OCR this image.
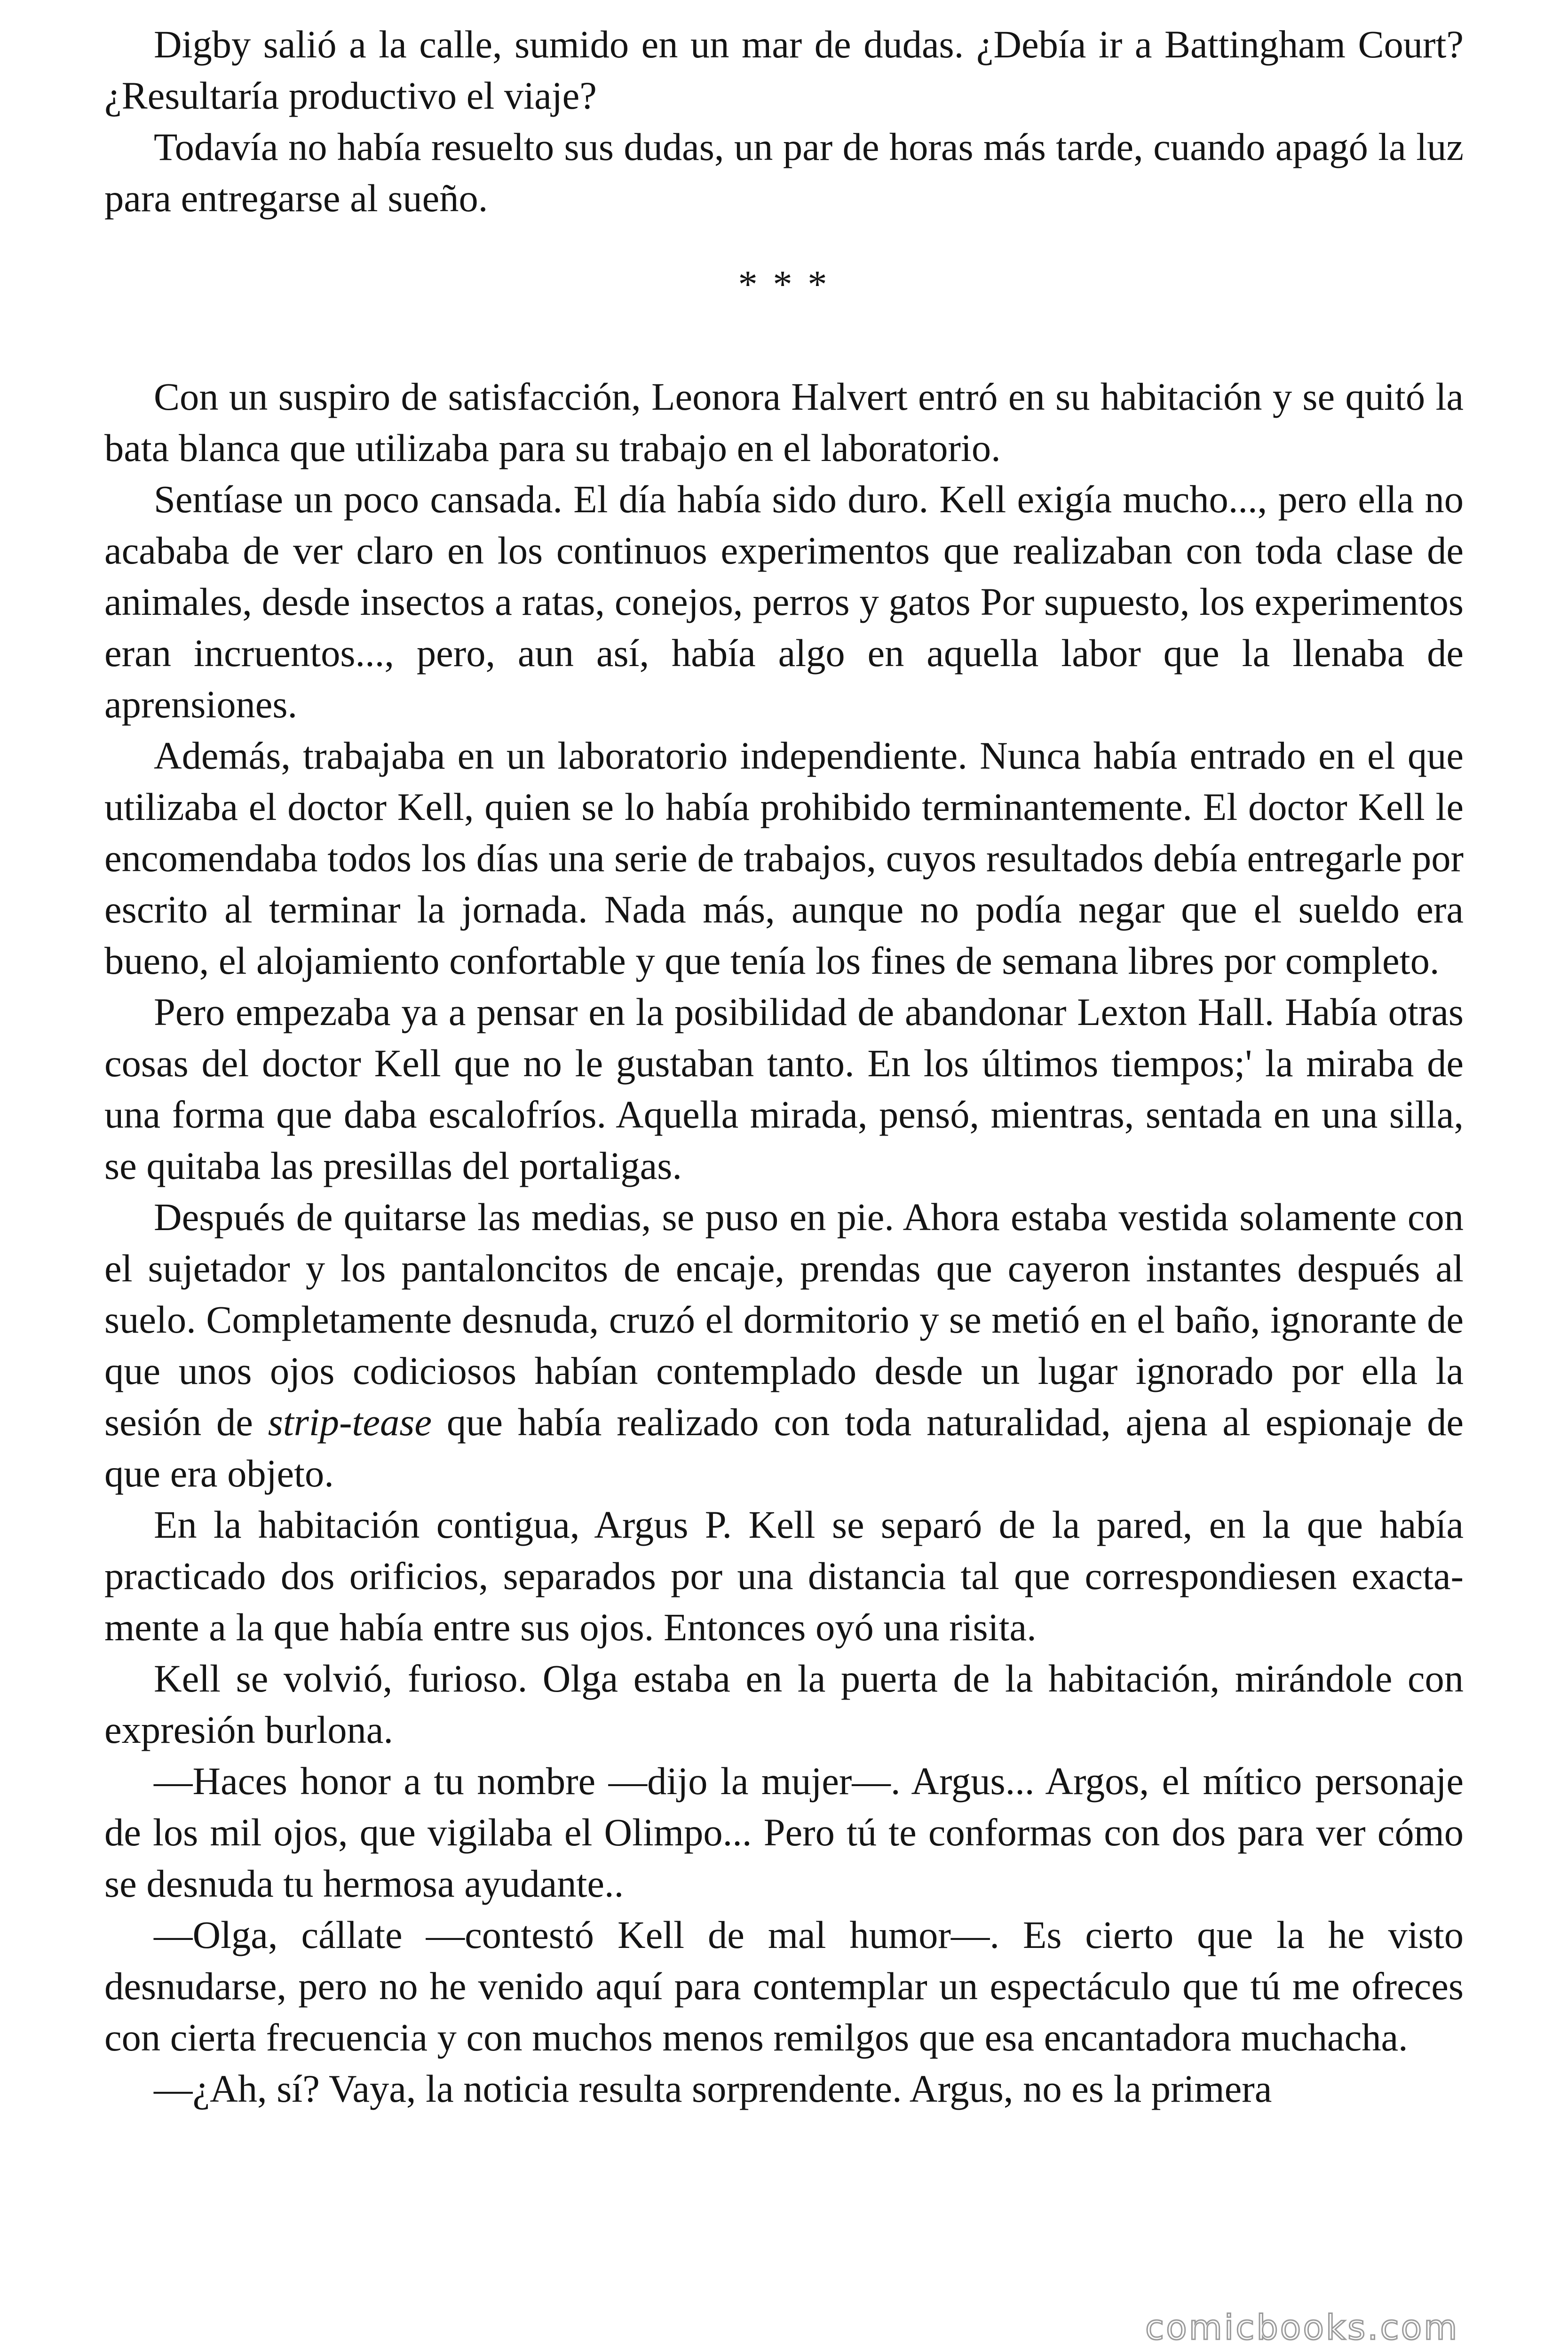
Digby salió a la calle, sumido en un mar de dudas. ¿Debía ir a Battingham Court? ¿Resultaría productivo el viaje?

Todavía no había resuelto sus dudas, un par de horas más tarde, cuando apagó la luz para entregarse al sueño.

* * *

Con un suspiro de satisfacción, Leonora Halvert entró en su habitación y se quitó la bata blanca que utilizaba para su trabajo en el laboratorio.

Sentíase un poco cansada. El día había sido duro. Kell exigía mucho..., pero ella no acababa de ver claro en los continuos experimentos que realizaban con toda clase de animales, desde insectos a ratas, conejos, perros y gatos Por supuesto, los experimentos eran incruentos..., pero, aun así, había algo en aquella labor que la llenaba de aprensiones.

Además, trabajaba en un laboratorio independiente. Nunca había entrado en el que utilizaba el doctor Kell, quien se lo había prohibido terminantemente. El doctor Kell le encomendaba todos los días una serie de trabajos, cuyos resultados debía entregarle por escrito al terminar la jornada. Nada más, aunque no podía negar que el sueldo era bueno, el alojamiento confortable y que tenía los fines de semana libres por completo.

Pero empezaba ya a pensar en la posibilidad de abandonar Lexton Hall. Había otras cosas del doctor Kell que no le gustaban tanto. En los últimos tiempos;' la miraba de una forma que daba escalofríos. Aquella mirada, pensó, mientras, sentada en una silla, se quitaba las presillas del portaligas.

Después de quitarse las medias, se puso en pie. Ahora estaba vestida solamente con el sujetador y los pantaloncitos de encaje, prendas que cayeron instantes después al suelo. Completamente desnuda, cruzó el dormitorio y se metió en el baño, ignorante de que unos ojos codiciosos habían contemplado desde un lugar ignorado por ella la sesión de strip-tease que había realizado con toda naturalidad, ajena al espionaje de que era objeto.

En la habitación contigua, Argus P. Kell se separó de la pared, en la que había practicado dos orificios, separados por una distancia tal que correspondiesen exacta-mente a la que había entre sus ojos. Entonces oyó una risita.

Kell se volvió, furioso. Olga estaba en la puerta de la habitación, mirándole con expresión burlona.

—Haces honor a tu nombre —dijo la mujer—. Argus... Argos, el mítico personaje de los mil ojos, que vigilaba el Olimpo... Pero tú te conformas con dos para ver cómo se desnuda tu hermosa ayudante..

—Olga, cállate —contestó Kell de mal humor—. Es cierto que la he visto desnudarse, pero no he venido aquí para contemplar un espectáculo que tú me ofreces con cierta frecuencia y con muchos menos remilgos que esa encantadora muchacha.

—¿Ah, sí? Vaya, la noticia resulta sorprendente. Argus, no es la primera

comicbooks.com
